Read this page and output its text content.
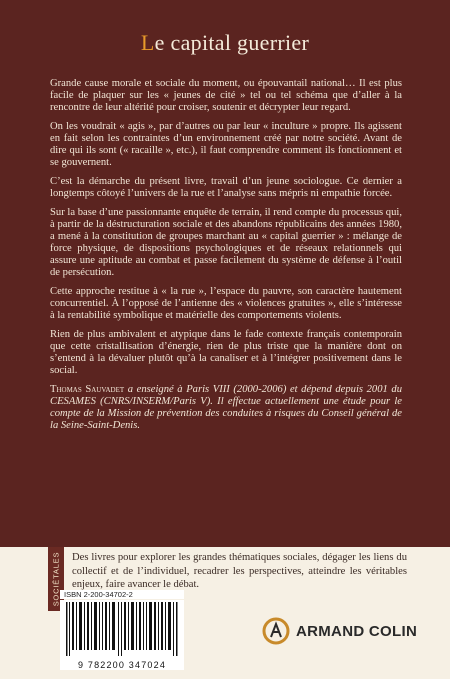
Le capital guerrier

Grande cause morale et sociale du moment, ou épouvantail national… Il est plus facile de plaquer sur les « jeunes de cité » tel ou tel schéma que d’aller à la rencontre de leur altérité pour croiser, soutenir et décrypter leur regard.

On les voudrait « agis », par d’autres ou par leur « inculture » propre. Ils agissent en fait selon les contraintes d’un environnement créé par notre société. Avant de dire qui ils sont (« racaille », etc.), il faut comprendre comment ils fonctionnent et se gouvernent.

C’est la démarche du présent livre, travail d’un jeune sociologue. Ce dernier a longtemps côtoyé l’univers de la rue et l’analyse sans mépris ni empathie forcée.

Sur la base d’une passionnante enquête de terrain, il rend compte du processus qui, à partir de la déstructuration sociale et des abandons républicains des années 1980, a mené à la constitution de groupes marchant au « capital guerrier » : mélange de force physique, de dispositions psychologiques et de réseaux relationnels qui assure une aptitude au combat et passe facilement du système de défense à l’outil de persécution.

Cette approche restitue à « la rue », l’espace du pauvre, son caractère hautement concurrentiel. À l’opposé de l’antienne des « violences gratuites », elle s’intéresse à la rentabilité symbolique et matérielle des comportements violents.

Rien de plus ambivalent et atypique dans le fade contexte français contemporain que cette cristallisation d’énergie, rien de plus triste que la manière dont on s’entend à la dévaluer plutôt qu’à la canaliser et à l’intégrer positivement dans le social.

Thomas Sauvadet a enseigné à Paris VIII (2000-2006) et dépend depuis 2001 du CESAMES (CNRS/INSERM/Paris V). Il effectue actuellement une étude pour le compte de la Mission de prévention des conduites à risques du Conseil général de la Seine-Saint-Denis.

SOCIÉTALES Des livres pour explorer les grandes thématiques sociales, dégager les liens du collectif et de l’individuel, recadrer les perspectives, atteindre les véritables enjeux, faire avancer le débat.
ISBN 2-200-34702-2
9 782200 347024
ARMAND COLIN
